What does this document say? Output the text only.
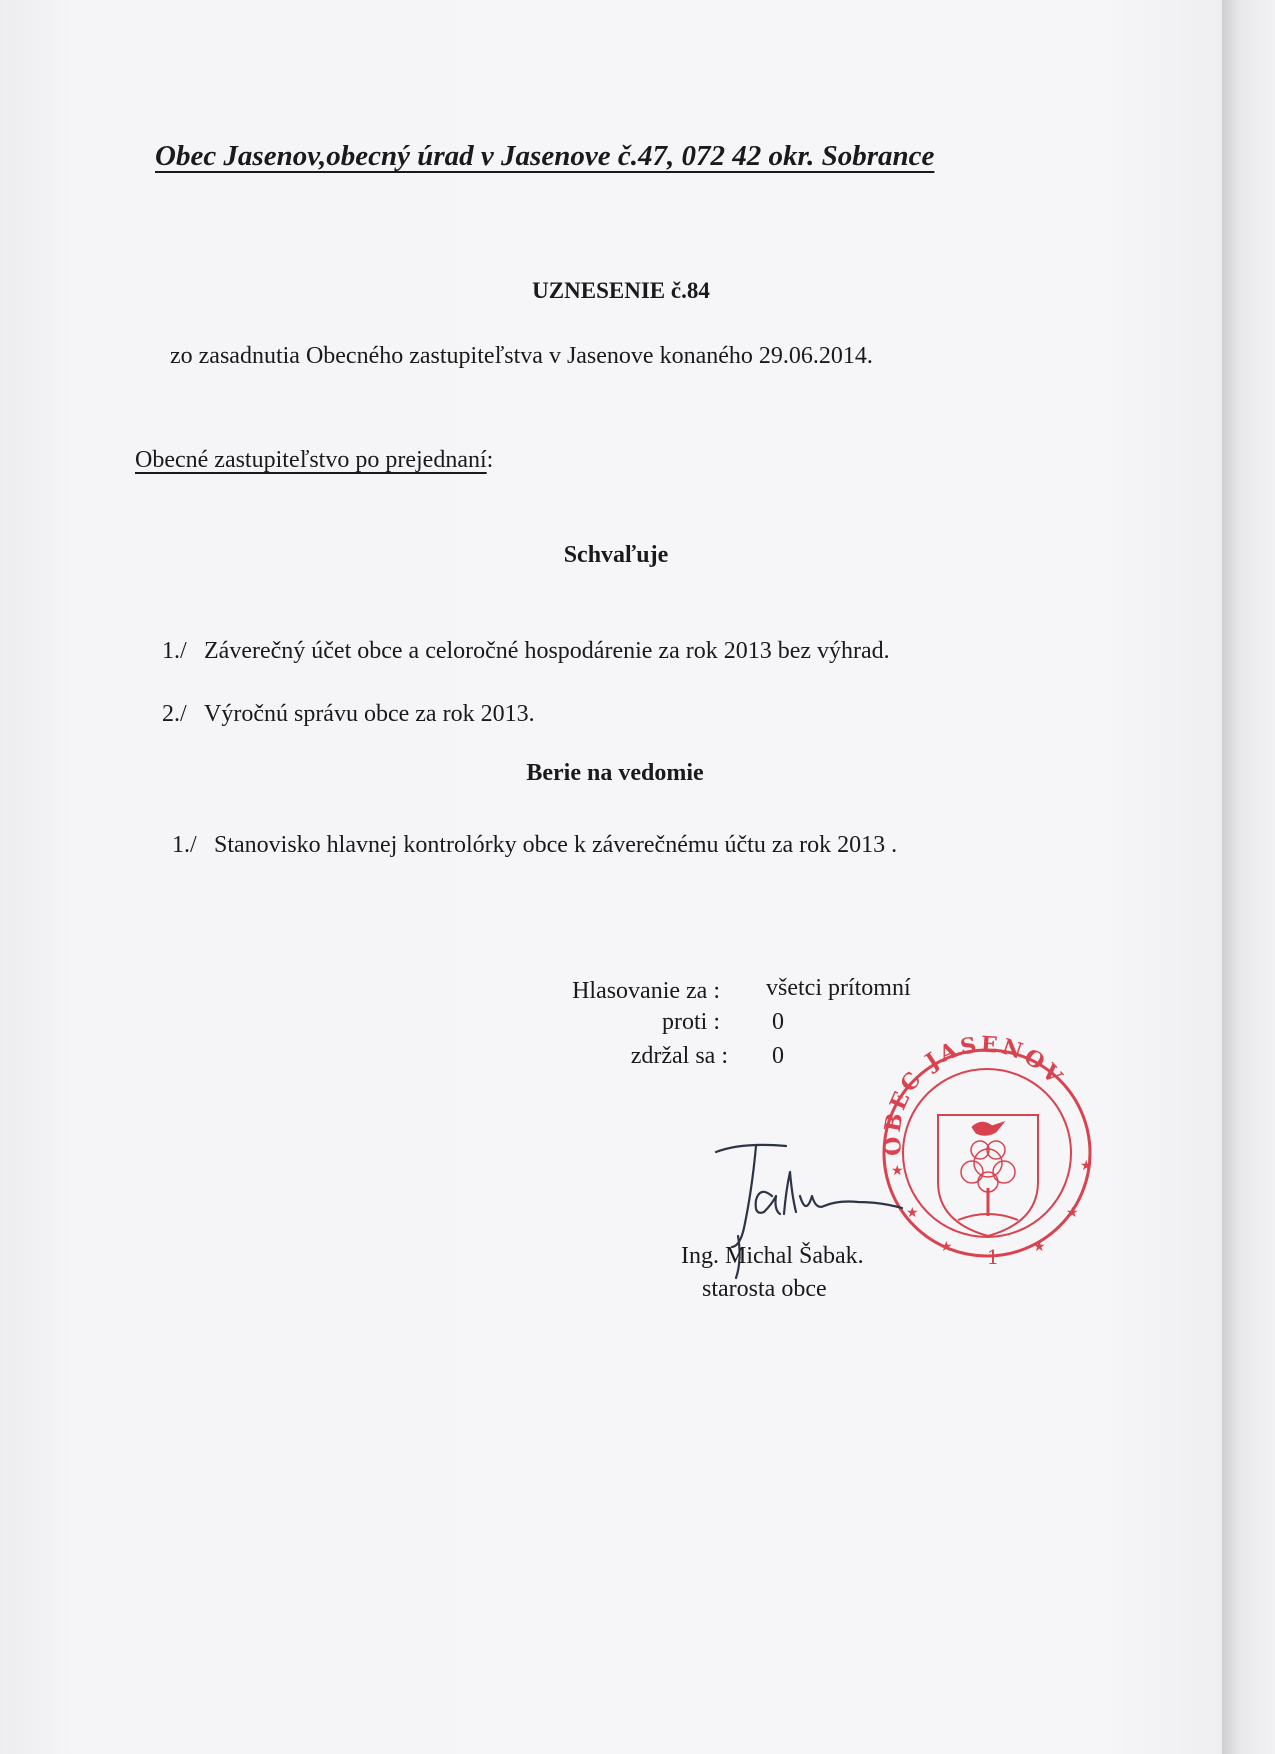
Obec Jasenov,obecný úrad v Jasenove č.47, 072 42 okr. Sobrance
UZNESENIE č.84
zo zasadnutia Obecného zastupiteľstva v Jasenove konaného 29.06.2014.
Obecné zastupiteľstvo po prejednaní:
Schvaľuje
1./ Záverečný účet obce a celoročné hospodárenie za rok 2013 bez výhrad.
2./ Výročnú správu obce za rok 2013.
Berie na vedomie
1./ Stanovisko hlavnej kontrolórky obce k záverečnému účtu za rok 2013 .
Hlasovanie za : všetci prítomní
proti : 0
zdržal sa : 0
OBEC JASENOV
1
★
★
★	★
★
★
Ing. Michal Šabak.
starosta obce
